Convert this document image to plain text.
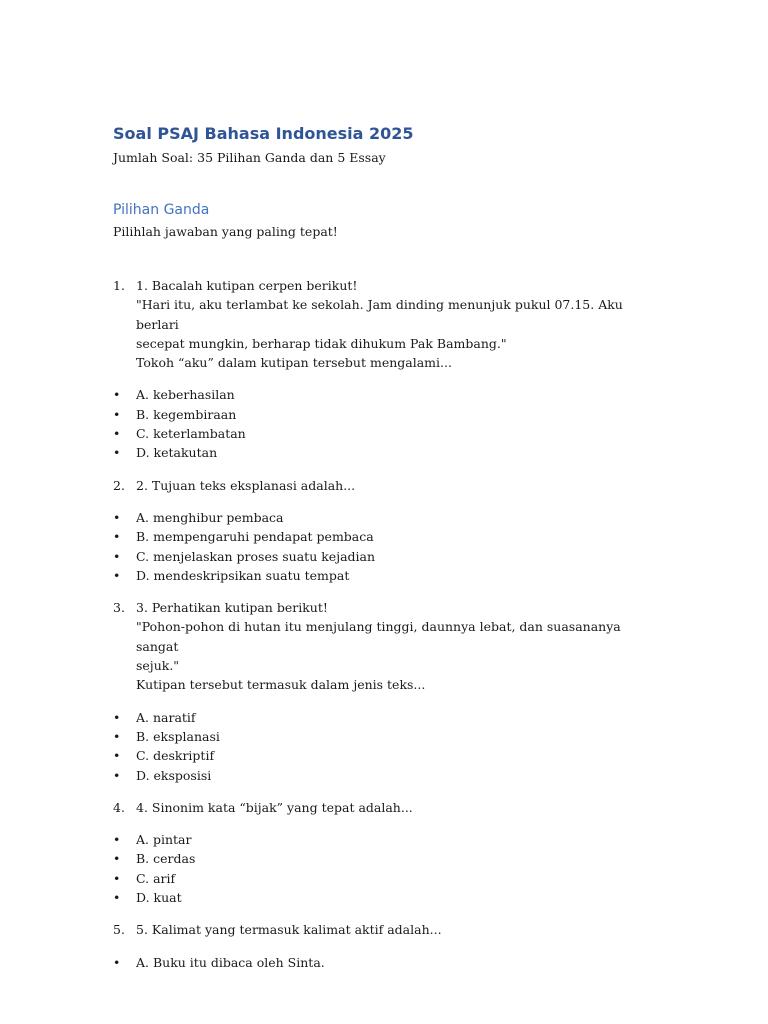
Soal PSAJ Bahasa Indonesia 2025
Jumlah Soal: 35 Pilihan Ganda dan 5 Essay
Pilihan Ganda
Pilihlah jawaban yang paling tepat!
1. 1. Bacalah kutipan cerpen berikut!
"Hari itu, aku terlambat ke sekolah. Jam dinding menunjuk pukul 07.15. Aku berlari
secepat mungkin, berharap tidak dihukum Pak Bambang."
Tokoh “aku” dalam kutipan tersebut mengalami...
• A. keberhasilan
• B. kegembiraan
• C. keterlambatan
• D. ketakutan
2. 2. Tujuan teks eksplanasi adalah...
• A. menghibur pembaca
• B. mempengaruhi pendapat pembaca
• C. menjelaskan proses suatu kejadian
• D. mendeskripsikan suatu tempat
3. 3. Perhatikan kutipan berikut!
"Pohon-pohon di hutan itu menjulang tinggi, daunnya lebat, dan suasananya sangat
sejuk."
Kutipan tersebut termasuk dalam jenis teks...
• A. naratif
• B. eksplanasi
• C. deskriptif
• D. eksposisi
4. 4. Sinonim kata “bijak” yang tepat adalah...
• A. pintar
• B. cerdas
• C. arif
• D. kuat
5. 5. Kalimat yang termasuk kalimat aktif adalah...
• A. Buku itu dibaca oleh Sinta.
